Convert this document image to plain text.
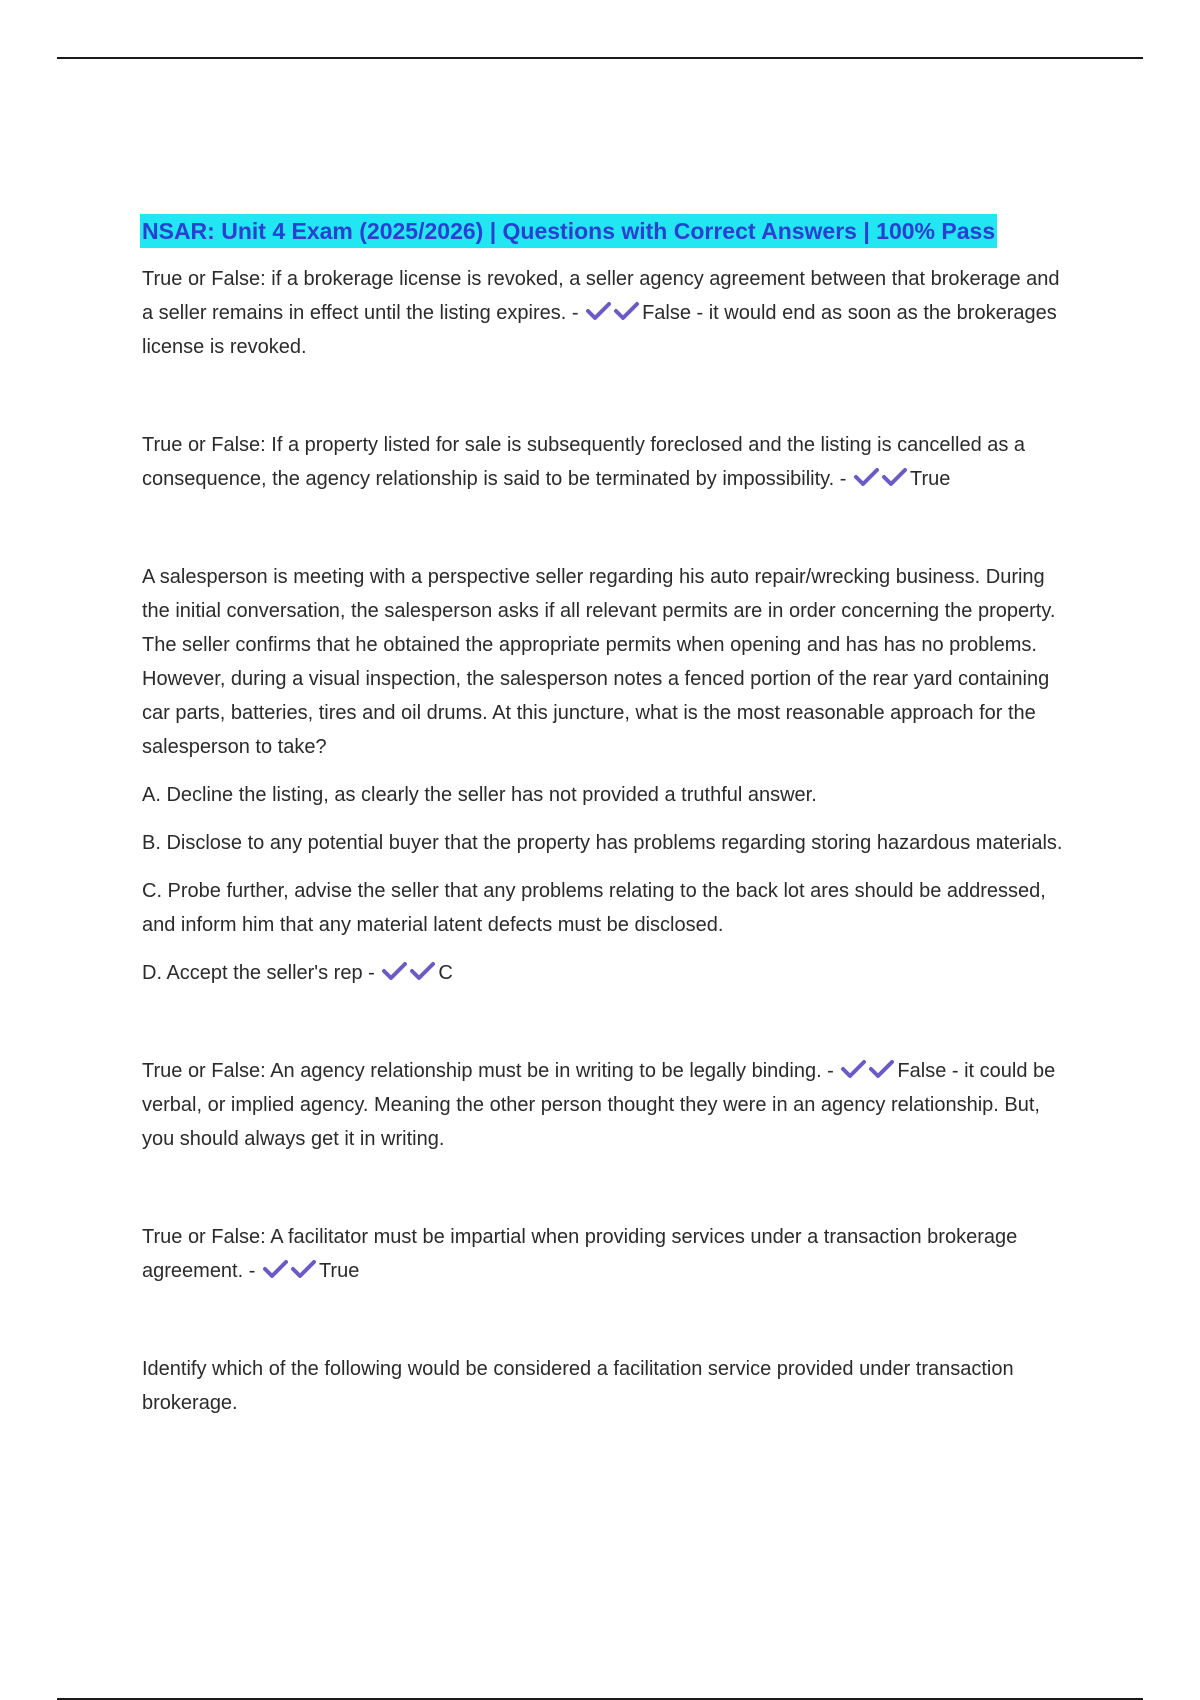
NSAR: Unit 4 Exam (2025/2026) | Questions with Correct Answers | 100% Pass

True or False: if a brokerage license is revoked, a seller agency agreement between that brokerage and a seller remains in effect until the listing expires. -	False - it would end as soon as the brokerages license is revoked.

True or False: If a property listed for sale is subsequently foreclosed and the listing is cancelled as a consequence, the agency relationship is said to be terminated by impossibility. -	True

A salesperson is meeting with a perspective seller regarding his auto repair/wrecking business. During the initial conversation, the salesperson asks if all relevant permits are in order concerning the property. The seller confirms that he obtained the appropriate permits when opening and has has no problems. However, during a visual inspection, the salesperson notes a fenced portion of the rear yard containing car parts, batteries, tires and oil drums. At this juncture, what is the most reasonable approach for the salesperson to take?

A. Decline the listing, as clearly the seller has not provided a truthful answer.

B. Disclose to any potential buyer that the property has problems regarding storing hazardous materials.

C. Probe further, advise the seller that any problems relating to the back lot ares should be addressed, and inform him that any material latent defects must be disclosed.

D. Accept the seller's rep -	C

True or False: An agency relationship must be in writing to be legally binding. -	False - it could be verbal, or implied agency. Meaning the other person thought they were in an agency relationship. But, you should always get it in writing.

True or False: A facilitator must be impartial when providing services under a transaction brokerage agreement. -	True

Identify which of the following would be considered a facilitation service provided under transaction brokerage.
